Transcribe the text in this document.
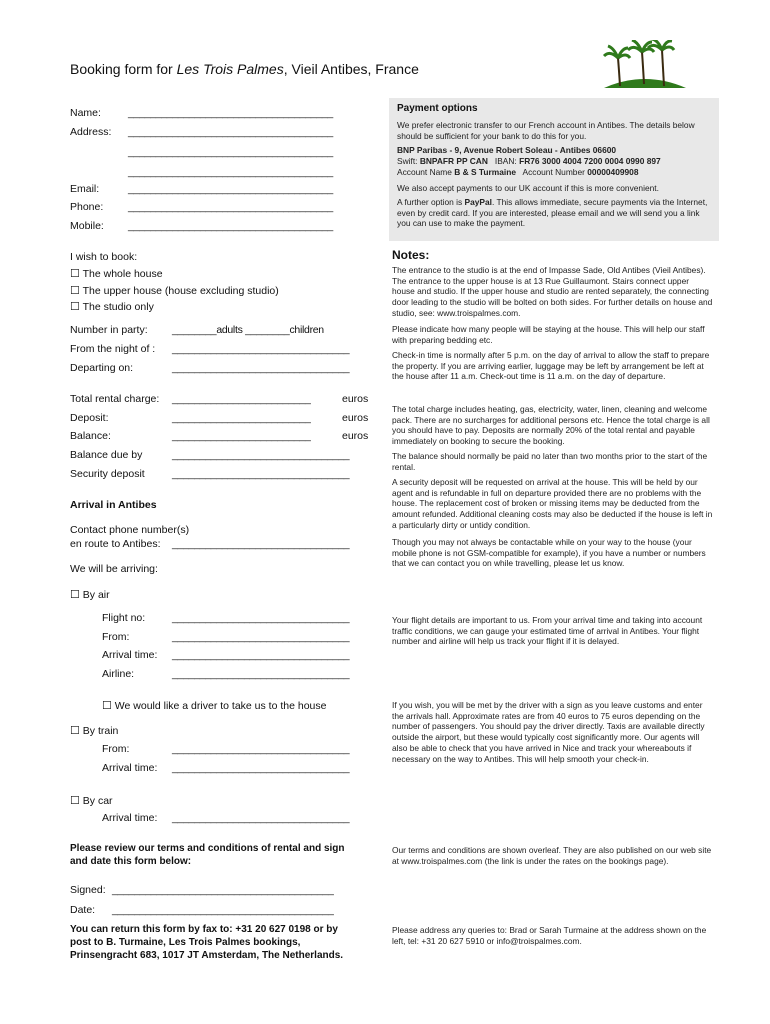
Booking form for Les Trois Palmes, Vieil Antibes, France
Name:	_____________________________________
Address: _____________________________________
_____________________________________
_____________________________________
Email:	_____________________________________
Phone: _____________________________________
Mobile: _____________________________________
I wish to book:
☐ The whole house
☐ The upper house (house excluding studio)
☐ The studio only
Number in party: ________adults ________children
From the night of : ________________________________
Departing on:	________________________________
Total rental charge: _________________________	euros
Deposit:	_________________________	euros
Balance:	_________________________	euros
Balance due by	________________________________
Security deposit	________________________________
Arrival in Antibes
Contact phone number(s)
en route to Antibes: ________________________________
We will be arriving:
☐ By air
Flight no:	________________________________
From:	________________________________
Arrival time: ________________________________
Airline:	________________________________
☐ We would like a driver to take us to the house
☐ By train
From:	________________________________
Arrival time: ________________________________
☐ By car
Arrival time: ________________________________
Please review our terms and conditions of rental and sign
and date this form below:
Signed: ________________________________________
Date: ________________________________________
You can return this form by fax to: +31 20 627 0198 or by
post to B. Turmaine, Les Trois Palmes bookings,
Prinsengracht 683, 1017 JT Amsterdam, The Netherlands.
Payment options
We prefer electronic transfer to our French account in Antibes. The details below should be sufficient for your bank to do this for you.
BNP Paribas - 9, Avenue Robert Soleau - Antibes 06600
Swift: BNPAFR PP CAN   IBAN: FR76 3000 4004 7200 0004 0990 897
Account Name B & S Turmaine   Account Number 00000409908
We also accept payments to our UK account if this is more convenient.
A further option is PayPal. This allows immediate, secure payments via the Internet, even by credit card. If you are interested, please email and we will send you a link you can use to make the payment.
Notes:
The entrance to the studio is at the end of Impasse Sade, Old Antibes (Vieil Antibes). The entrance to the upper house is at 13 Rue Guillaumont. Stairs connect upper house and studio. If the upper house and studio are rented separately, the connecting door leading to the studio will be bolted on both sides. For further details on house and studio, see: www.troispalmes.com.
Please indicate how many people will be staying at the house. This will help our staff with preparing bedding etc.
Check-in time is normally after 5 p.m. on the day of arrival to allow the staff to prepare the property. If you are arriving earlier, luggage may be left by arrangement be left at the house after 11 a.m. Check-out time is 11 a.m. on the day of departure.
The total charge includes heating, gas, electricity, water, linen, cleaning and welcome pack. There are no surcharges for additional persons etc. Hence the total charge is all you should have to pay. Deposits are normally 20% of the total rental and payable immediately on booking to secure the booking.
The balance should normally be paid no later than two months prior to the start of the rental.
A security deposit will be requested on arrival at the house. This will be held by our agent and is refundable in full on departure provided there are no problems with the house. The replacement cost of broken or missing items may be deducted from the amount refunded. Additional cleaning costs may also be deducted if the house is left in a particularly dirty or untidy condition.
Though you may not always be contactable while on your way to the house (your mobile phone is not GSM-compatible for example), if you have a number or numbers that we can contact you on while travelling, please let us know.
Your flight details are important to us. From your arrival time and taking into account traffic conditions, we can gauge your estimated time of arrival in Antibes. Your flight number and airline will help us track your flight if it is delayed.
If you wish, you will be met by the driver with a sign as you leave customs and enter the arrivals hall. Approximate rates are from 40 euros to 75 euros depending on the number of passengers. You should pay the driver directly. Taxis are available directly outside the airport, but these would typically cost significantly more. Our agents will also be able to check that you have arrived in Nice and track your whereabouts if necessary on the way to Antibes. This will help smooth your check-in.
Our terms and conditions are shown overleaf. They are also published on our web site at www.troispalmes.com (the link is under the rates on the bookings page).
Please address any queries to: Brad or Sarah Turmaine at the address shown on the left, tel: +31 20 627 5910 or info@troispalmes.com.
